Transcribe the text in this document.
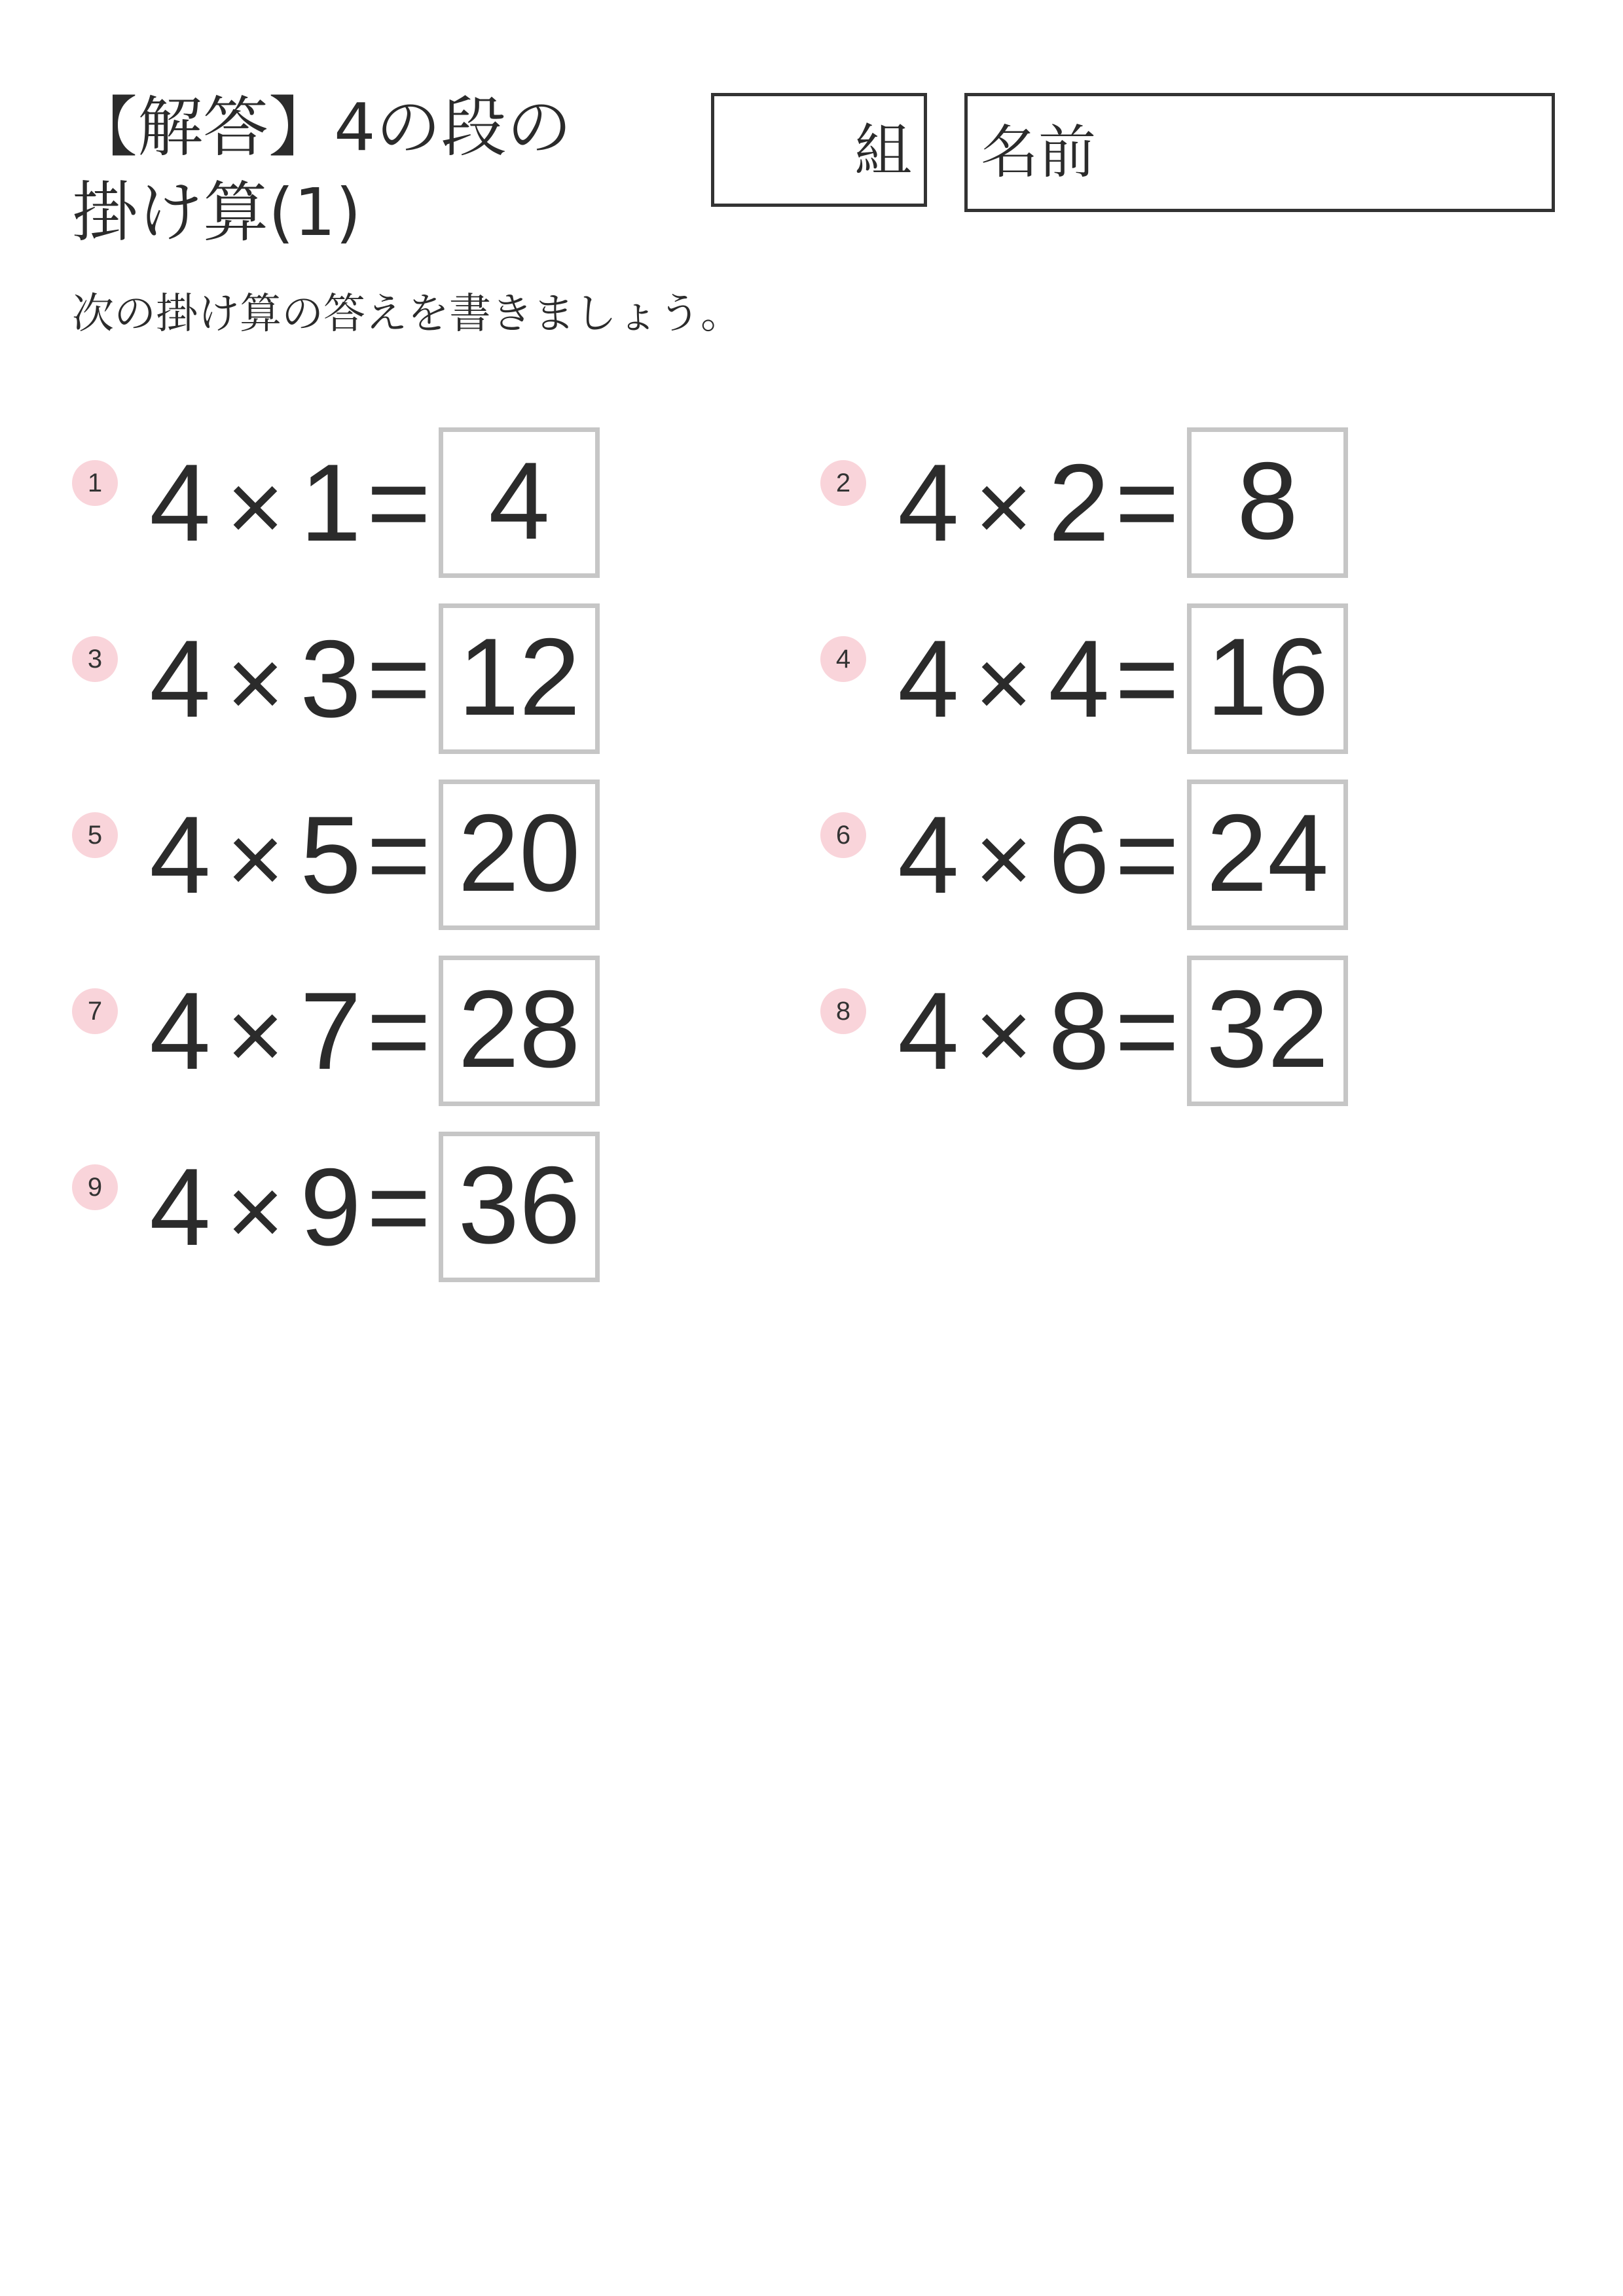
【解答】4の段の
掛け算(1)
組 名前
次の掛け算の答えを書きましょう。
1 4 × 1= 4	2 4 × 2= 8
3 4 × 3= 12	4 4 × 4= 16
5 4 × 5= 20	6 4 × 6= 24
7 4 × 7= 28	8 4 × 8= 32
9 4 × 9= 36
